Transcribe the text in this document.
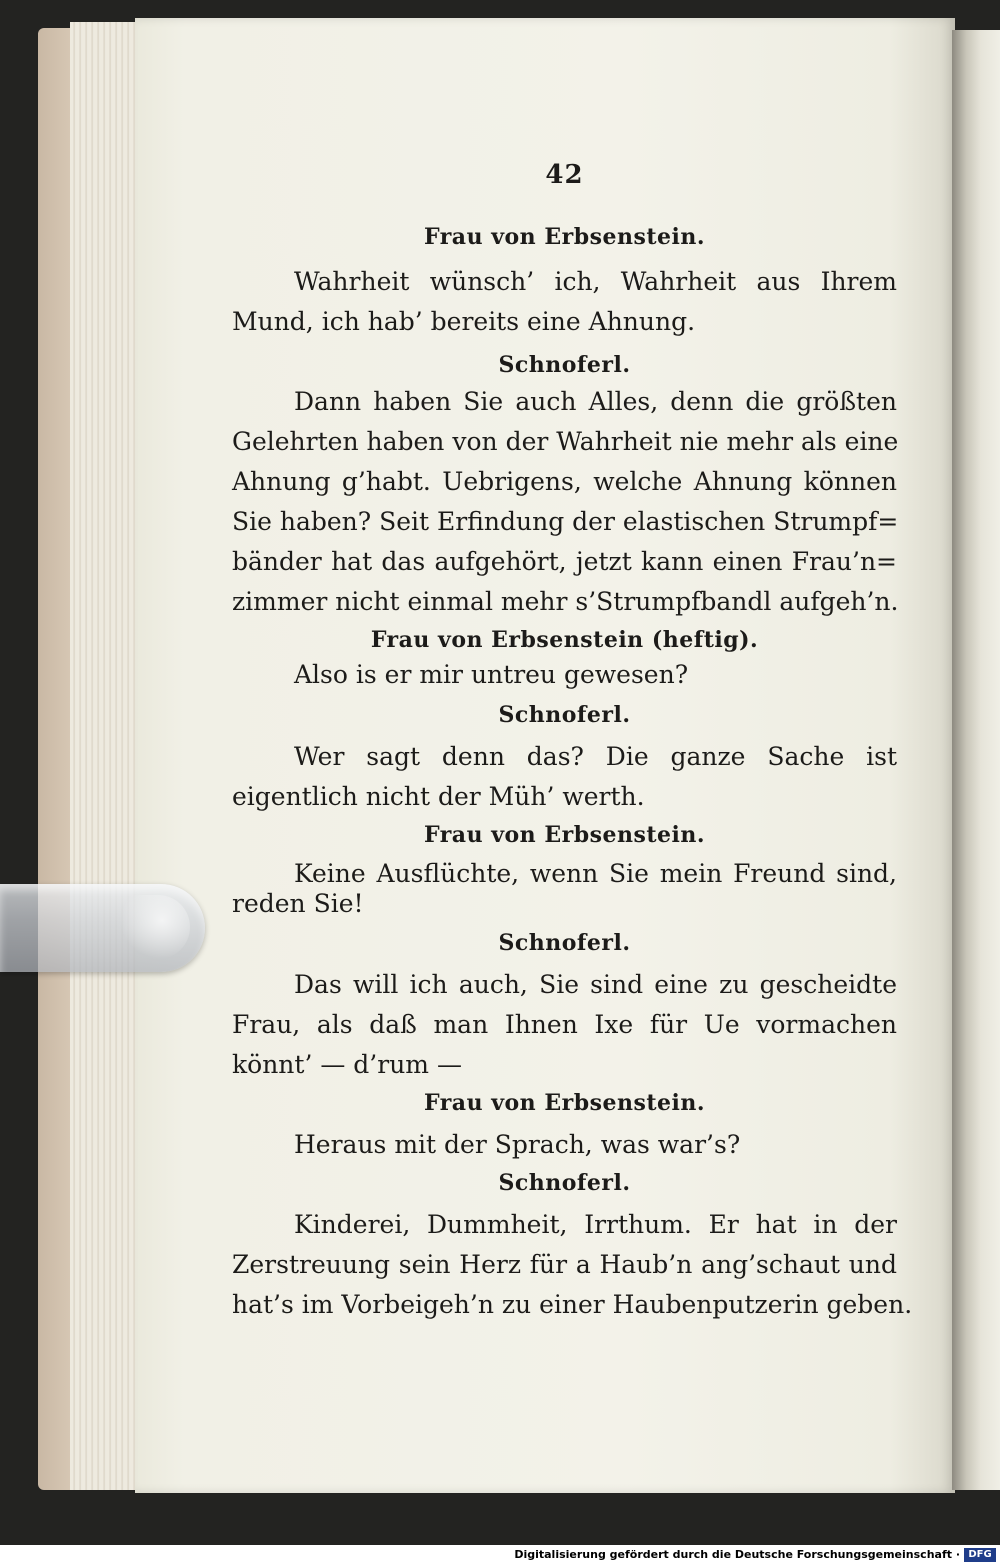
42
Frau von Erbsenstein.
Wahrheit wünsch’ ich, Wahrheit aus Ihrem
Mund, ich hab’ bereits eine Ahnung.
Schnoferl.
Dann haben Sie auch Alles, denn die größten
Gelehrten haben von der Wahrheit nie mehr als eine
Ahnung g’habt. Uebrigens, welche Ahnung können
Sie haben? Seit Erfindung der elastischen Strumpf=
bänder hat das aufgehört, jetzt kann einen Frau’n=
zimmer nicht einmal mehr s’Strumpfbandl aufgeh’n.
Frau von Erbsenstein (heftig).
Also is er mir untreu gewesen?
Schnoferl.
Wer sagt denn das? Die ganze Sache ist
eigentlich nicht der Müh’ werth.
Frau von Erbsenstein.
Keine Ausflüchte, wenn Sie mein Freund sind,
reden Sie!
Schnoferl.
Das will ich auch, Sie sind eine zu gescheidte
Frau, als daß man Ihnen Ixe für Ue vormachen
könnt’ — d’rum —
Frau von Erbsenstein.
Heraus mit der Sprach, was war’s?
Schnoferl.
Kinderei, Dummheit, Irrthum. Er hat in der
Zerstreuung sein Herz für a Haub’n ang’schaut und
hat’s im Vorbeigeh’n zu einer Haubenputzerin geben.
Digitalisierung gefördert durch die Deutsche Forschungsgemeinschaft · DFG
